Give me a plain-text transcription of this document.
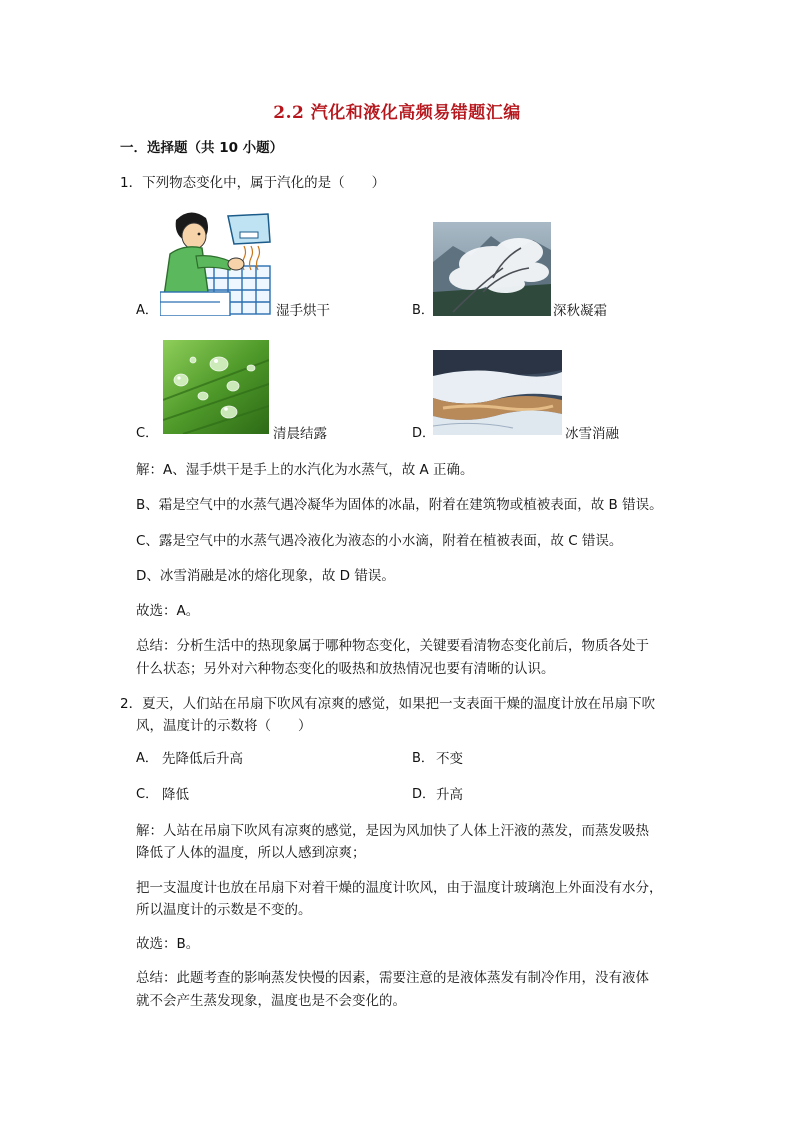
2.2 汽化和液化高频易错题汇编
一．选择题（共 10 小题）
1．下列物态变化中，属于汽化的是（　　）
A．	湿手烘干	B．	深秋凝霜
C．	清晨结露	D．	冰雪消融
解：A、湿手烘干是手上的水汽化为水蒸气，故 A 正确。
B、霜是空气中的水蒸气遇冷凝华为固体的冰晶，附着在建筑物或植被表面，故 B 错误。
C、露是空气中的水蒸气遇冷液化为液态的小水滴，附着在植被表面，故 C 错误。
D、冰雪消融是冰的熔化现象，故 D 错误。
故选：A。
总结：分析生活中的热现象属于哪种物态变化，关键要看清物态变化前后，物质各处于
什么状态；另外对六种物态变化的吸热和放热情况也要有清晰的认识。
2．夏天，人们站在吊扇下吹风有凉爽的感觉，如果把一支表面干燥的温度计放在吊扇下吹
风，温度计的示数将（　　）
A． 先降低后升高	B． 不变
C． 降低	D． 升高
解：人站在吊扇下吹风有凉爽的感觉，是因为风加快了人体上汗液的蒸发，而蒸发吸热
降低了人体的温度，所以人感到凉爽；
把一支温度计也放在吊扇下对着干燥的温度计吹风，由于温度计玻璃泡上外面没有水分，
所以温度计的示数是不变的。
故选：B。
总结：此题考查的影响蒸发快慢的因素，需要注意的是液体蒸发有制冷作用，没有液体
就不会产生蒸发现象，温度也是不会变化的。
